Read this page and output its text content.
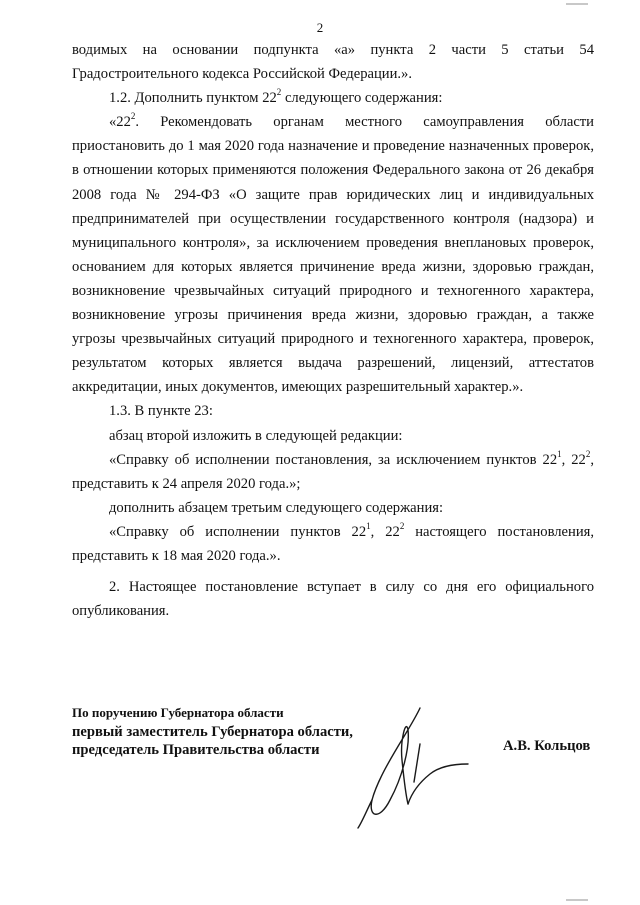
2

водимых на основании подпункта «а» пункта 2 части 5 статьи 54 Градостроительного кодекса Российской Федерации.».

1.2. Дополнить пунктом $22^2$ следующего содержания:

«$22^2$. Рекомендовать органам местного самоуправления области приостановить до 1 мая 2020 года назначение и проведение назначенных проверок, в отношении которых применяются положения Федерального закона от 26 декабря 2008 года № 294-ФЗ «О защите прав юридических лиц и индивидуальных предпринимателей при осуществлении государственного контроля (надзора) и муниципального контроля», за исключением проведения внеплановых проверок, основанием для которых является причинение вреда жизни, здоровью граждан, возникновение чрезвычайных ситуаций природного и техногенного характера, возникновение угрозы причинения вреда жизни, здоровью граждан, а также угрозы чрезвычайных ситуаций природного и техногенного характера, проверок, результатом которых является выдача разрешений, лицензий, аттестатов аккредитации, иных документов, имеющих разрешительный характер.».

1.3. В пункте 23:

абзац второй изложить в следующей редакции:

«Справку об исполнении постановления, за исключением пунктов $22^1$, $22^2$, представить к 24 апреля 2020 года.»;

дополнить абзацем третьим следующего содержания:

«Справку об исполнении пунктов $22^1$, $22^2$ настоящего постановления, представить к 18 мая 2020 года.».

2. Настоящее постановление вступает в силу со дня его официального опубликования.

По поручению Губернатора области
первый заместитель Губернатора области,
председатель Правительства области	А.В. Кольцов
